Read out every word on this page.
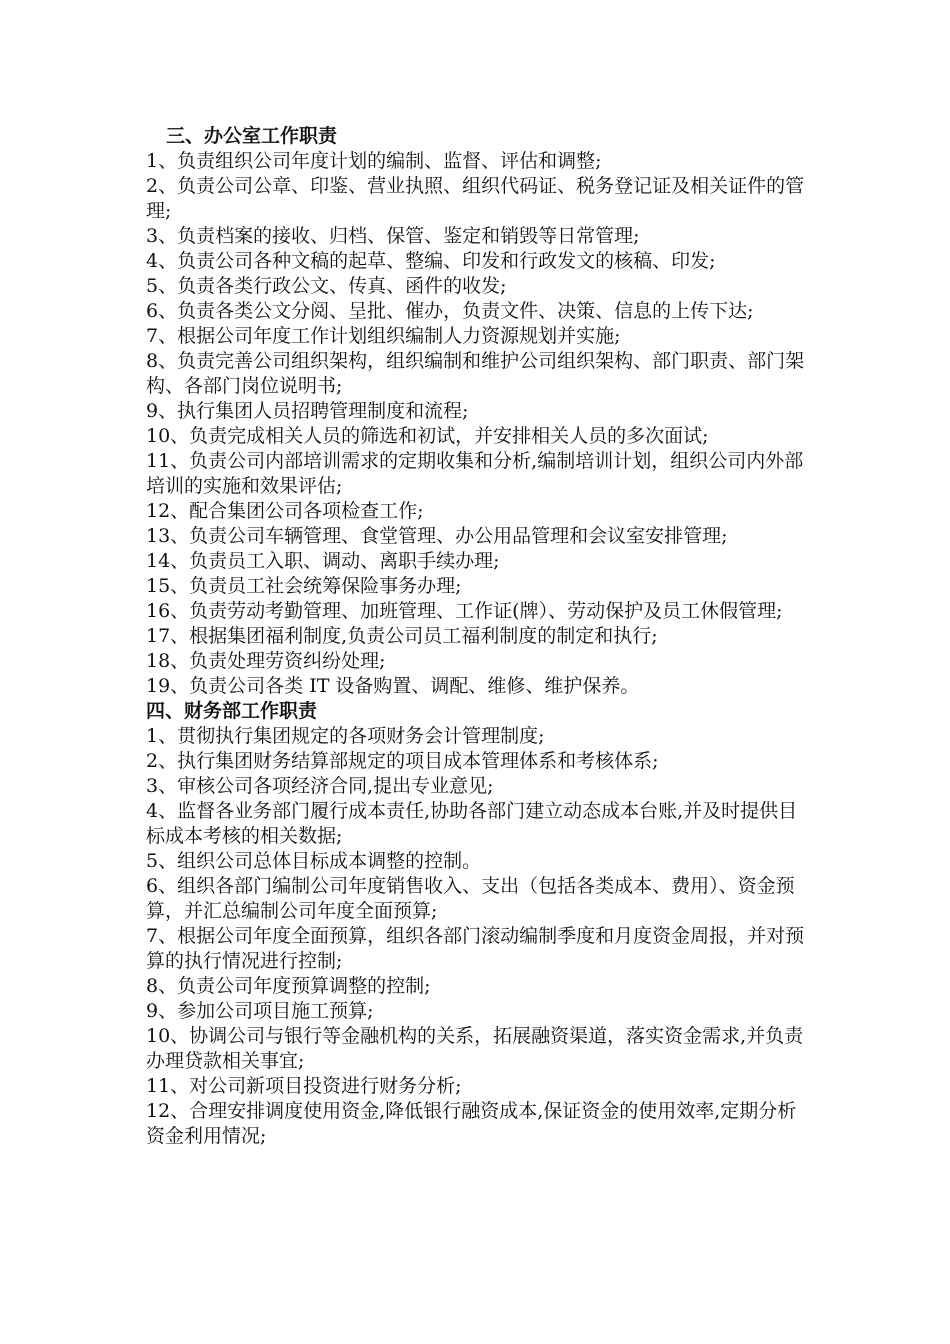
三、办公室工作职责

1、负责组织公司年度计划的编制、监督、评估和调整;

2、负责公司公章、印鉴、营业执照、组织代码证、税务登记证及相关证件的管理;

3、负责档案的接收、归档、保管、鉴定和销毁等日常管理;

4、负责公司各种文稿的起草、整编、印发和行政发文的核稿、印发;

5、负责各类行政公文、传真、函件的收发;

6、负责各类公文分阅、呈批、催办，负责文件、决策、信息的上传下达;

7、根据公司年度工作计划组织编制人力资源规划并实施;

8、负责完善公司组织架构，组织编制和维护公司组织架构、部门职责、部门架构、各部门岗位说明书;

9、执行集团人员招聘管理制度和流程;

10、负责完成相关人员的筛选和初试，并安排相关人员的多次面试;

11、负责公司内部培训需求的定期收集和分析,编制培训计划，组织公司内外部培训的实施和效果评估;

12、配合集团公司各项检查工作;

13、负责公司车辆管理、食堂管理、办公用品管理和会议室安排管理;

14、负责员工入职、调动、离职手续办理;

15、负责员工社会统筹保险事务办理;

16、负责劳动考勤管理、加班管理、工作证(牌）、劳动保护及员工休假管理;

17、根据集团福利制度,负责公司员工福利制度的制定和执行;

18、负责处理劳资纠纷处理;

19、负责公司各类 IT 设备购置、调配、维修、维护保养。

四、财务部工作职责

1、贯彻执行集团规定的各项财务会计管理制度;

2、执行集团财务结算部规定的项目成本管理体系和考核体系;

3、审核公司各项经济合同,提出专业意见;

4、监督各业务部门履行成本责任,协助各部门建立动态成本台账,并及时提供目标成本考核的相关数据;

5、组织公司总体目标成本调整的控制。

6、组织各部门编制公司年度销售收入、支出（包括各类成本、费用）、资金预算，并汇总编制公司年度全面预算;

7、根据公司年度全面预算，组织各部门滚动编制季度和月度资金周报，并对预算的执行情况进行控制;

8、负责公司年度预算调整的控制;

9、参加公司项目施工预算;

10、协调公司与银行等金融机构的关系，拓展融资渠道，落实资金需求,并负责办理贷款相关事宜;

11、对公司新项目投资进行财务分析;

12、合理安排调度使用资金,降低银行融资成本,保证资金的使用效率,定期分析资金利用情况;
